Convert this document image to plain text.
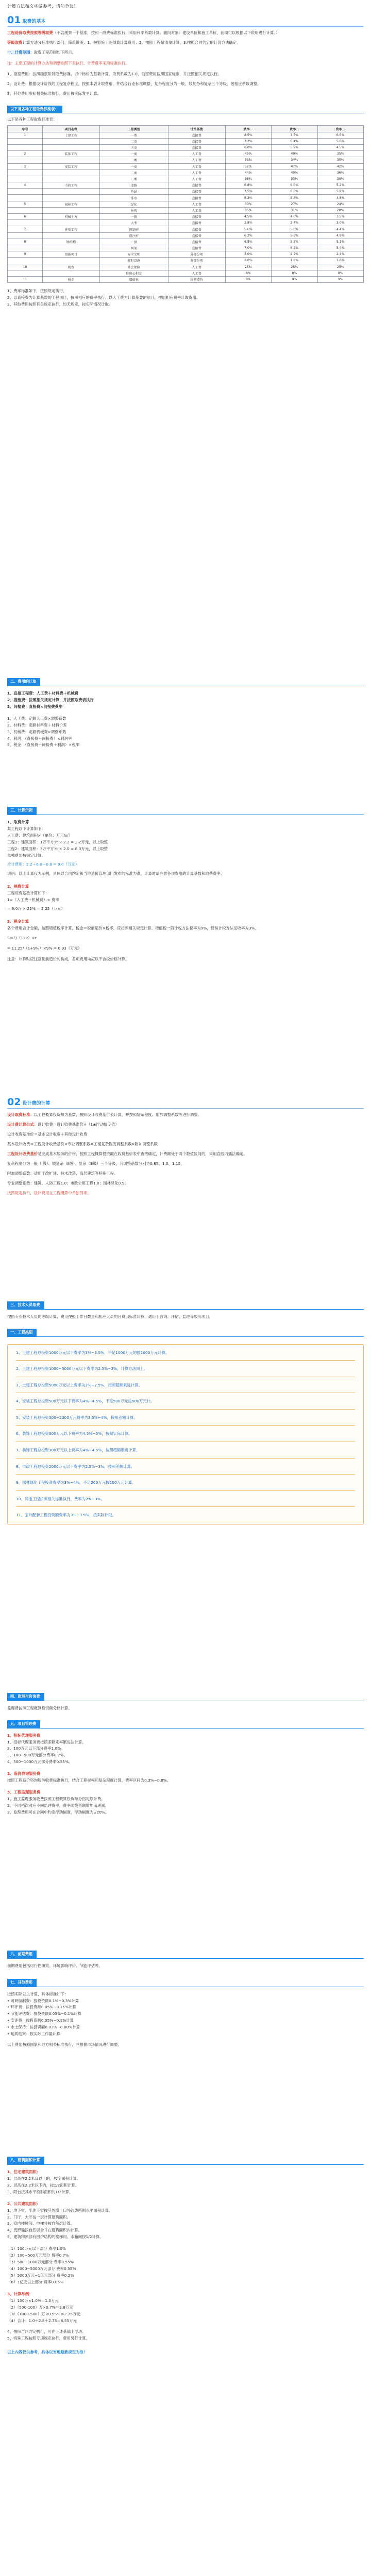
计算方法和文字做参考，请勿争议！

01 取费的基本

工程造价取费按照等级取费（不含勘察一个基准，按照一段费标准执行，采用利率系数计算。面向对象：建设单位和施工单位，前期可以根据以下说明进行计算。）

等级取费计算方法分标准执行部门，简单说明：1、按照施工图预算计算费用；2、按照工程量清单计算，3.按照合同约定的计价方法确定。

一、计费范围：取费工程范围如下所示。

注：主要工程的计算方法和调整参照下表执行，计费费率采用标准执行。

1、勘察费用：按照勘察阶段取费标准，以中标价为基数计算，取费系数为1.0，勘察费用按照国家标准，并按照相关规定执行。

2、设计费：根据设计阶段的工程复杂程度，按照本表计取费用，并结合行业标准调整，复杂程度分为一般、较复杂和复杂三个等级，按相应系数调整。

3、其他费用参照相关标准执行，费用按实际发生计算。

以下是各种工程取费标准表：

以下是各种工程取费标准表：

序号	项目名称	工程类别	计费基数	费率一	费率二	费率三
1	土建工程	一类	直接费	8.5%	7.5%	6.5%
		二类	直接费	7.2%	6.4%	5.6%
		三类	直接费	6.0%	5.2%	4.5%
2	装饰工程	一类	人工费	45%	40%	35%
		二类	人工费	38%	34%	30%
3	安装工程	一类	人工费	52%	47%	42%
		二类	人工费	44%	40%	36%
		三类	人工费	36%	33%	30%
4	市政工程	道路	直接费	6.8%	6.0%	5.2%
		桥涵	直接费	7.5%	6.6%	5.8%
		排水	直接费	6.2%	5.5%	4.8%
5	园林工程	绿化	人工费	30%	27%	24%
		景观	人工费	35%	31%	28%
6	机械土方	一般	直接费	4.5%	4.0%	3.5%
		大型	直接费	3.8%	3.4%	3.0%
7	桩基工程	预制桩	直接费	5.6%	5.0%	4.4%
		灌注桩	直接费	6.2%	5.5%	4.9%
8	钢结构	一般	直接费	6.5%	5.8%	5.1%
		网架	直接费	7.0%	6.2%	5.4%
9	措施项目	安全文明	分部分项	3.0%	2.7%	2.4%
		临时设施	分部分项	2.0%	1.8%	1.6%
10	规费	社会保险	人工费	25%	25%	25%
		住房公积金	人工费	8%	8%	8%
11	税金	增值税	税前造价	9%	9%	9%

1、费率标准如下，按照规定执行。

2、以直接费为计算基数的工程项目，按照相应的费率执行。以人工费为计算基数的项目，按照相应费率计取费用。

3、其他费用按照有关规定执行，如无规定，按实际情况计取。

二、费用的计取

1、直接工程费：人工费＋材料费＋机械费

2、措施费：按照相关规定计算，并按照取费表执行

3、间接费：直接费×间接费费率

1、人工费：定额人工费×调整系数

2、材料费：定额材料费＋材料价差

3、机械费：定额机械费×调整系数

4、利润：（直接费＋间接费）×利润率

5、税金：（直接费＋间接费＋利润）×税率

三、计算示例

1、取费计算

某工程以下计算如下：

人工费：建筑面积×（单位：万元/㎡）

工程1：建筑面积：1万平方米 × 2.2 = 2.2万元，以上取整

工程2：建筑面积：3万平方米 × 2.0 = 6.0万元，以上取整

单独费用按规定计算。

合计费用：2.2＋6.0＋0.8 = 9.0（万元）

说明：以上计算仅为示例，具体以合同约定和当地造价管理部门发布的标准为准，计算时请注意各项费用的计算基数和取费费率。

2、规费计算

工程规费基数计算如下：

1=（人工费＋机械费）× 费率

= 9.0万 × 25% = 2.25（万元）

3、税金计算

各个费用合计金额，按照增值税率计算，税金＝税前造价×税率，应按照相关规定计算。增值税一般计税方法税率为9%，简易计税方法征收率为3%。

S＝F/（1+r）×r

= 11.25/（1+9%）×9% = 0.93（万元）

注意：计算时应注意税前造价的构成，各项费用均应以不含税价格计算。

02 设计费的计算

设计取费标准：以工程概算投资额为基数，按照设计收费基价表计算，并按照复杂程度、附加调整系数等进行调整。

设计费计算公式：设计收费＝设计收费基准价×（1±浮动幅度值）

设计收费基准价＝基本设计收费＋其他设计收费

基本设计收费＝工程设计收费基价×专业调整系数×工程复杂程度调整系数×附加调整系数

工程设计收费基价是完成基本服务的价格，按照工程概算投资额在收费基价表中查找确定，计费额处于两个数值区间的，采用直线内插法确定。

复杂程度分为一般（Ⅰ级）、较复杂（Ⅱ级）、复杂（Ⅲ级）三个等级，其调整系数分别为0.85、1.0、1.15。

附加调整系数：适用于改扩建、技术改造、高层建筑等特殊工程。

专业调整系数：建筑、人防工程1.0；市政公用工程1.0；园林绿化0.9。

按照规定执行，设计费用在工程概算中单独列项。

三、技术人员取费

按照专业技术人员的等级计算，费用按照工作日数量和相应人员的日费用标准计算，适用于咨询、评估、监理等服务项目。

一、工程类别

1、土建工程总投资1000万元以下费率为3%~3.5%，不足1000万元的按1000万元计算。

2、土建工程总投资1000~5000万元以下费率为2.5%~3%，计算方法同上。

3、土建工程总投资5000万元以上费率为2%~2.5%，按照超额累进计算。

4、安装工程总投资500万元以下费率为4%~4.5%，不足500万元按500万元计。

5、安装工程总投资500~2000万元费率为3.5%~4%，按照差额计算。

6、装饰工程总投资300万元以下费率为4.5%~5%，按照实际计算。

7、装饰工程总投资300万元以上费率为4%~4.5%，按照超额累进计算。

8、市政工程总投资2000万元以下费率为2.5%~3%，按照差额计算。

9、园林绿化工程投资费率为3%~4%，不足200万元按200万元计算。

10、其他工程按照相关标准执行，费率为2%~3%。

11、室外配套工程投资额费率为3%~3.5%，按实际计取。

四、监理与咨询费

监理费按照工程概算投资额分档计算。

五、项目管理费

1、招标代理服务费

1、招标代理服务费按照差额定率累进法计算。

2、100万元以下部分费率1.0%。

3、100~500万元部分费率0.7%。

4、500~1000万元部分费率0.55%。

2、造价咨询服务费

按照工程造价咨询服务收费标准执行，结合工程规模和复杂程度计算，费率区间为0.3%~0.8%。

3、工程监理服务费

1、施工监理服务收费按照工程概算投资额分档定额计费。

2、不同档次对应不同监理费率，费率随投资额增加而递减。

3、监理费用可在合同中约定浮动幅度，浮动幅度为±20%。

六、前期费用

前期费用包括可行性研究、环境影响评价、节能评估等。

七、其他费用

按照实际发生计算，具体标准如下：

• 可研编制费：按投资额0.1%~0.3%计算

• 环评费：按投资额0.05%~0.15%计算

• 节能评估费：按投资额0.03%~0.1%计算

• 安评费：按投资额0.05%~0.1%计算

• 水土保持：按投资额0.03%~0.08%计算

• 地质勘察：按实际工作量计算

以上费用按照国家和地方相关标准执行，并根据市场情况进行调整。

八、建筑面积计算

1、住宅建筑面积：

1、层高在2.2米及以上的，按全面积计算。

2、层高在2.2米以下的，按1/2面积计算。

3、阳台按其水平投影面积的1/2计算。

2、公共建筑面积：

1、地下室、半地下室按其外墙上口外边线所围水平面积计算。

2、门厅、大厅按一层计算建筑面积。

3、室内楼梯间、电梯井按自然层计算。

4、变形缝按自然层合并在建筑面积内计算。

5、建筑物顶部有围护结构的楼梯间、水箱间按1/2计算。

（1）100万元以下部分 费率1.0%

（2）100~500万元部分 费率0.7%

（3）500~1000万元部分 费率0.55%

（4）1000~5000万元部分 费率0.35%

（5）5000万元~1亿元部分 费率0.2%

（6）1亿元以上部分 费率0.05%

3、计算举例：

（1）100万×1.0%＝1.0万元

（2）（500-100）万×0.7%＝2.8万元

（3）（1000-500）万×0.55%＝2.75万元

（4）合计：1.0＋2.8＋2.75＝6.55万元

4、按照合同约定执行，可在上述基础上浮动。

5、特殊工程按照专项规定执行，费用另行计算。

以上内容仅供参考，具体以当地最新规定为准！
